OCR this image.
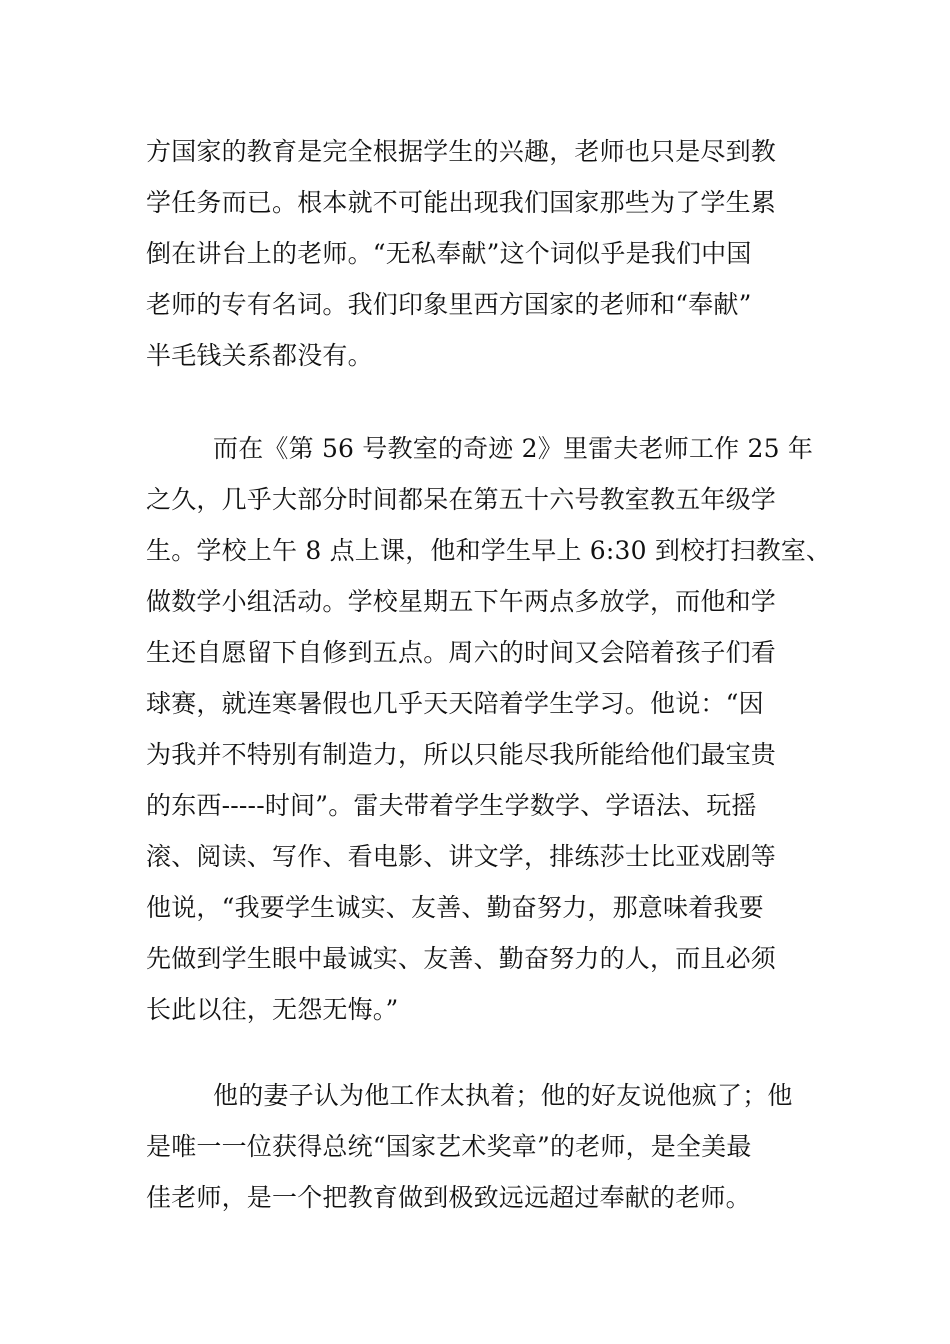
方国家的教育是完全根据学生的兴趣，老师也只是尽到教
学任务而已。根本就不可能出现我们国家那些为了学生累
倒在讲台上的老师。“无私奉献”这个词似乎是我们中国
老师的专有名词。我们印象里西方国家的老师和“奉献”
半毛钱关系都没有。
而在《第 56 号教室的奇迹 2》里雷夫老师工作 25 年
之久，几乎大部分时间都呆在第五十六号教室教五年级学
生。学校上午 8 点上课，他和学生早上 6:30 到校打扫教室、
做数学小组活动。学校星期五下午两点多放学，而他和学
生还自愿留下自修到五点。周六的时间又会陪着孩子们看
球赛，就连寒暑假也几乎天天陪着学生学习。他说：“因
为我并不特别有制造力，所以只能尽我所能给他们最宝贵
的东西-----时间”。雷夫带着学生学数学、学语法、玩摇
滚、阅读、写作、看电影、讲文学，排练莎士比亚戏剧等
他说，“我要学生诚实、友善、勤奋努力，那意味着我要
先做到学生眼中最诚实、友善、勤奋努力的人，而且必须
长此以往，无怨无悔。”
他的妻子认为他工作太执着；他的好友说他疯了；他
是唯一一位获得总统“国家艺术奖章”的老师，是全美最
佳老师，是一个把教育做到极致远远超过奉献的老师。
